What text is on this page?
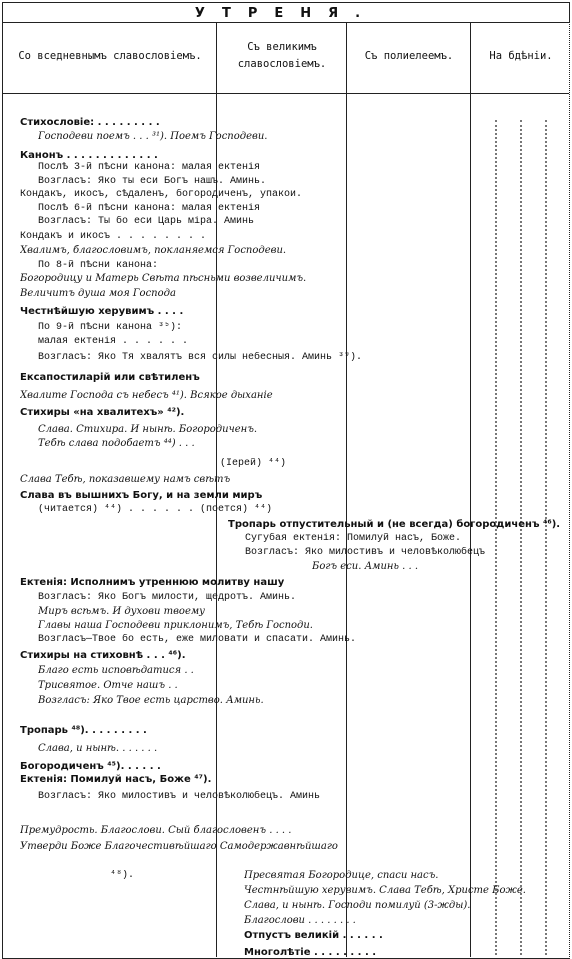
УТРЕНЯ.
Со вседневнымъ славословіемъ.
Съ великимъ славословіемъ.
Съ полиелеемъ.	На бдѣніи.
Стихословіе: . . . . . . . . .
Господеви поемъ . . . ³¹). Поемъ Господеви.
Канонъ . . . . . . . . . . . . .
Послѣ 3-й пѣсни канона: малая ектенія
Возгласъ: Яко ты еси Богъ нашъ. Аминь.
Кондакъ, икосъ, сѣдаленъ, богородиченъ, упакои.
Послѣ 6-й пѣсни канона: малая ектенія
Возгласъ: Ты бо еси Царь міра. Аминь
Кондакъ и икосъ . . . . . . . .
Хвалимъ, благословимъ, покланяемся Господеви.
По 8-й пѣсни канона:
Богородицу и Матерь Свѣта пѣсньми возвеличимъ.
Величитъ душа моя Господа
Честнѣйшую херувимъ . . . .
По 9-й пѣсни канона ³⁵):
малая ектенія . . . . . .
Возгласъ: Яко Тя хвалятъ вся силы небесныя. Аминь ³⁹).
Ексапостиларій или свѣтиленъ
Хвалите Господа съ небесъ ⁴¹). Всякое дыханіе
Стихиры «на хвалитехъ» ⁴²).
Слава. Стихира. И нынѣ. Богородиченъ.
Тебѣ слава подобаетъ ⁴⁴) . . .
(Іерей) ⁴⁴)
Слава Тебѣ, показавшему намъ свѣтъ
Слава въ вышнихъ Богу, и на земли миръ
(читается) ⁴⁴) . . . . . . (поется) ⁴⁴)
Тропарь отпустительный и (не всегда) богородиченъ ⁴⁶).
Сугубая ектенія: Помилуй насъ, Боже.
Возгласъ: Яко милостивъ и человѣколюбецъ
Богъ еси. Аминь . . .
Ектенія: Исполнимъ утреннюю молитву нашу
Возгласъ: Яко Богъ милости, щедротъ. Аминь.
Миръ всѣмъ. И духови твоему
Главы наша Господеви приклонимъ, Тебѣ Господи.
Возгласъ—Твое бо есть, еже миловати и спасати. Аминь.
Стихиры на стиховнѣ . . . ⁴⁶).
Благо есть исповѣдатися . .
Трисвятое. Отче нашъ . .
Возгласъ: Яко Твое есть царство. Аминь.
Тропарь ⁴⁸). . . . . . . . .
Слава, и нынѣ. . . . . . .
Богородиченъ ⁴⁵). . . . . .
Ектенія: Помилуй насъ, Боже ⁴⁷).
Возгласъ: Яко милостивъ и человѣколюбецъ. Аминь
Премудрость. Благослови. Сый благословенъ . . . .
Утверди Боже Благочестивѣйшаго Самодержавнѣйшаго
⁴⁸).	Пресвятая Богородице, спаси насъ.
Честнѣйшую херувимъ. Слава Тебѣ, Христе Боже.
Слава, и нынѣ. Господи помилуй (3-жды).
Благослови . . . . . . . .
Отпустъ великій . . . . . .
Многолѣтіе . . . . . . . . .
